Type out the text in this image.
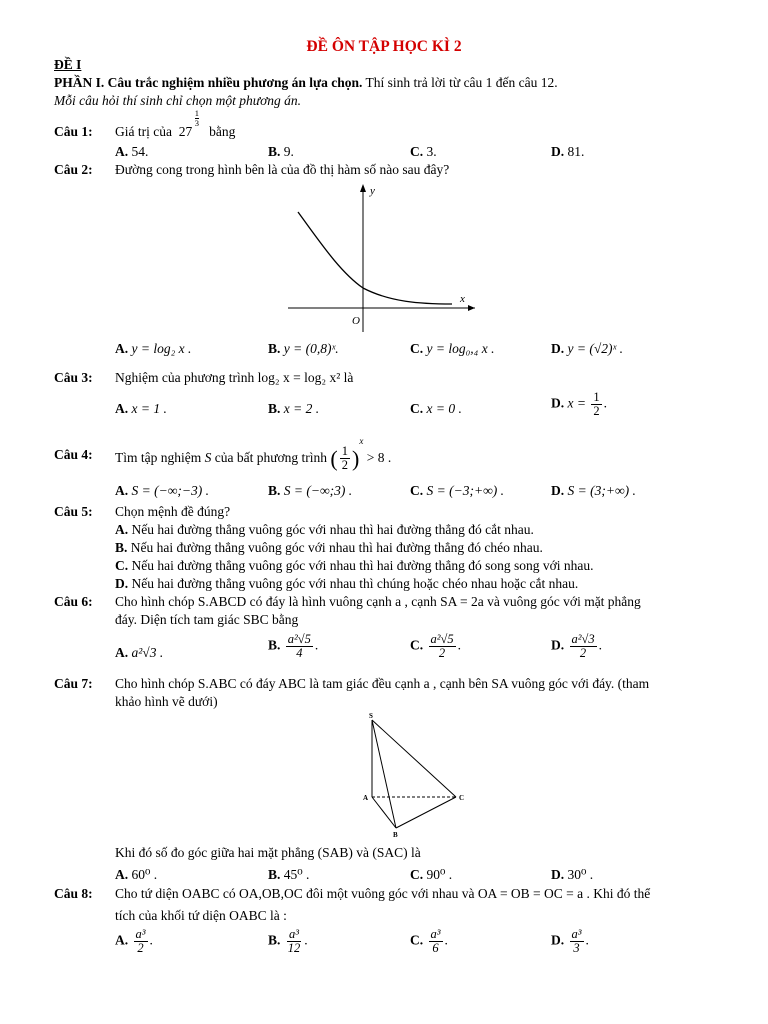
ĐỀ ÔN TẬP HỌC KÌ 2
ĐỀ I
PHẦN I. Câu trắc nghiệm nhiều phương án lựa chọn. Thí sinh trả lời từ câu 1 đến câu 12.
Mỗi câu hỏi thí sinh chỉ chọn một phương án.
Câu 1: Giá trị của 27
$\frac{1}{3}$
bằng
A. 54.	B. 9.	C. 3.	D. 81.
Câu 2: Đường cong trong hình bên là của đồ thị hàm số nào sau đây?
y
x
O
A. y = log₂ x .	B. y = (0,8)ˣ.	C. y = log₀,₄ x .	D. y = (√2)ˣ .
Câu 3: Nghiệm của phương trình log₂ x = log₂ x² là
A. x = 1 .	B. x = 2 .	C. x = 0 .	D. $x = \frac{1}{2}$ .
Câu 4: Tìm tập nghiệm S của bất phương trình ( $\frac{1}{2} )^x > 8$ .
A. S = (−∞;−3) .	B. S = (−∞;3) .	C. S = (−3;+∞) .	D. S = (3;+∞) .
Câu 5: Chọn mệnh đề đúng?
A. Nếu hai đường thẳng vuông góc với nhau thì hai đường thẳng đó cắt nhau.
B. Nếu hai đường thẳng vuông góc với nhau thì hai đường thẳng đó chéo nhau.
C. Nếu hai đường thẳng vuông góc với nhau thì hai đường thẳng đó song song với nhau.
D. Nếu hai đường thẳng vuông góc với nhau thì chúng hoặc chéo nhau hoặc cắt nhau.
Câu 6: Cho hình chóp S.ABCD có đáy là hình vuông cạnh a , cạnh SA = 2a và vuông góc với mặt phẳng
đáy. Diện tích tam giác SBC bằng
A. a²√3 .	B. $\frac{\text{a²√5}}{4}$ .	C. $\frac{\text{a²√5}}{2}$ .	D. $\frac{\text{a²√3}}{2}$ .
Câu 7: Cho hình chóp S.ABC có đáy ABC là tam giác đều cạnh a , cạnh bên SA vuông góc với đáy. (tham
khảo hình vẽ dưới)
S
A
B
C
Khi đó số đo góc giữa hai mặt phẳng (SAB) và (SAC) là
A. 60⁰ .	B. 45⁰ .	C. 90⁰ .	D. 30⁰ .
Câu 8: Cho tứ diện OABC có OA,OB,OC đôi một vuông góc với nhau và OA = OB = OC = a . Khi đó thể
tích của khối tứ diện OABC là :
A. $\frac{\text{a³}}{2}$ .	B. $\frac{\text{a³}}{12}$ .	C. $\frac{\text{a³}}{6}$ .	D. $\frac{\text{a³}}{3}$ .
